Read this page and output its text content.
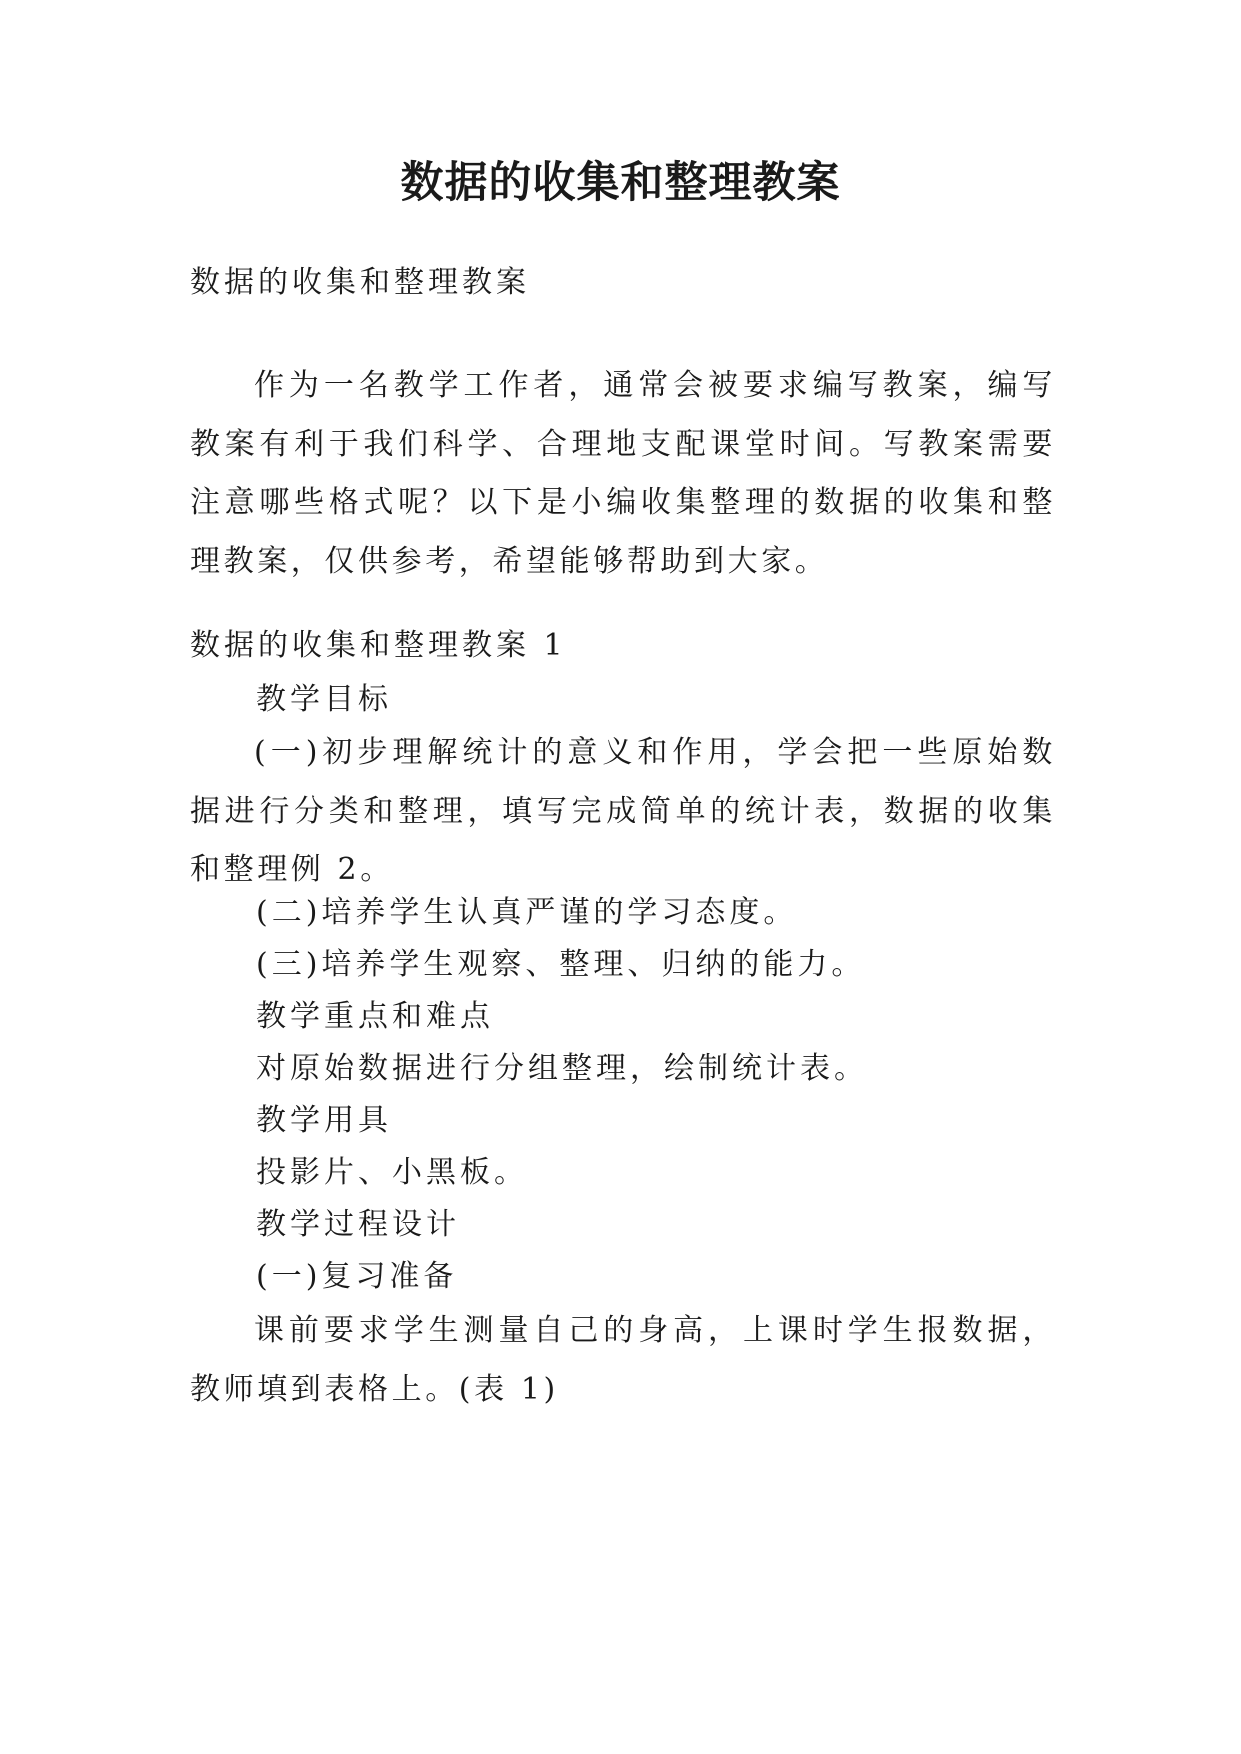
数据的收集和整理教案

数据的收集和整理教案

作为一名教学工作者，通常会被要求编写教案，编写教案有利于我们科学、合理地支配课堂时间。写教案需要注意哪些格式呢？以下是小编收集整理的数据的收集和整理教案，仅供参考，希望能够帮助到大家。

数据的收集和整理教案 1

教学目标

(一)初步理解统计的意义和作用，学会把一些原始数据进行分类和整理，填写完成简单的统计表，数据的收集和整理例 2。

(二)培养学生认真严谨的学习态度。

(三)培养学生观察、整理、归纳的能力。

教学重点和难点

对原始数据进行分组整理，绘制统计表。

教学用具

投影片、小黑板。

教学过程设计

(一)复习准备

课前要求学生测量自己的身高，上课时学生报数据，教师填到表格上。(表 1)
